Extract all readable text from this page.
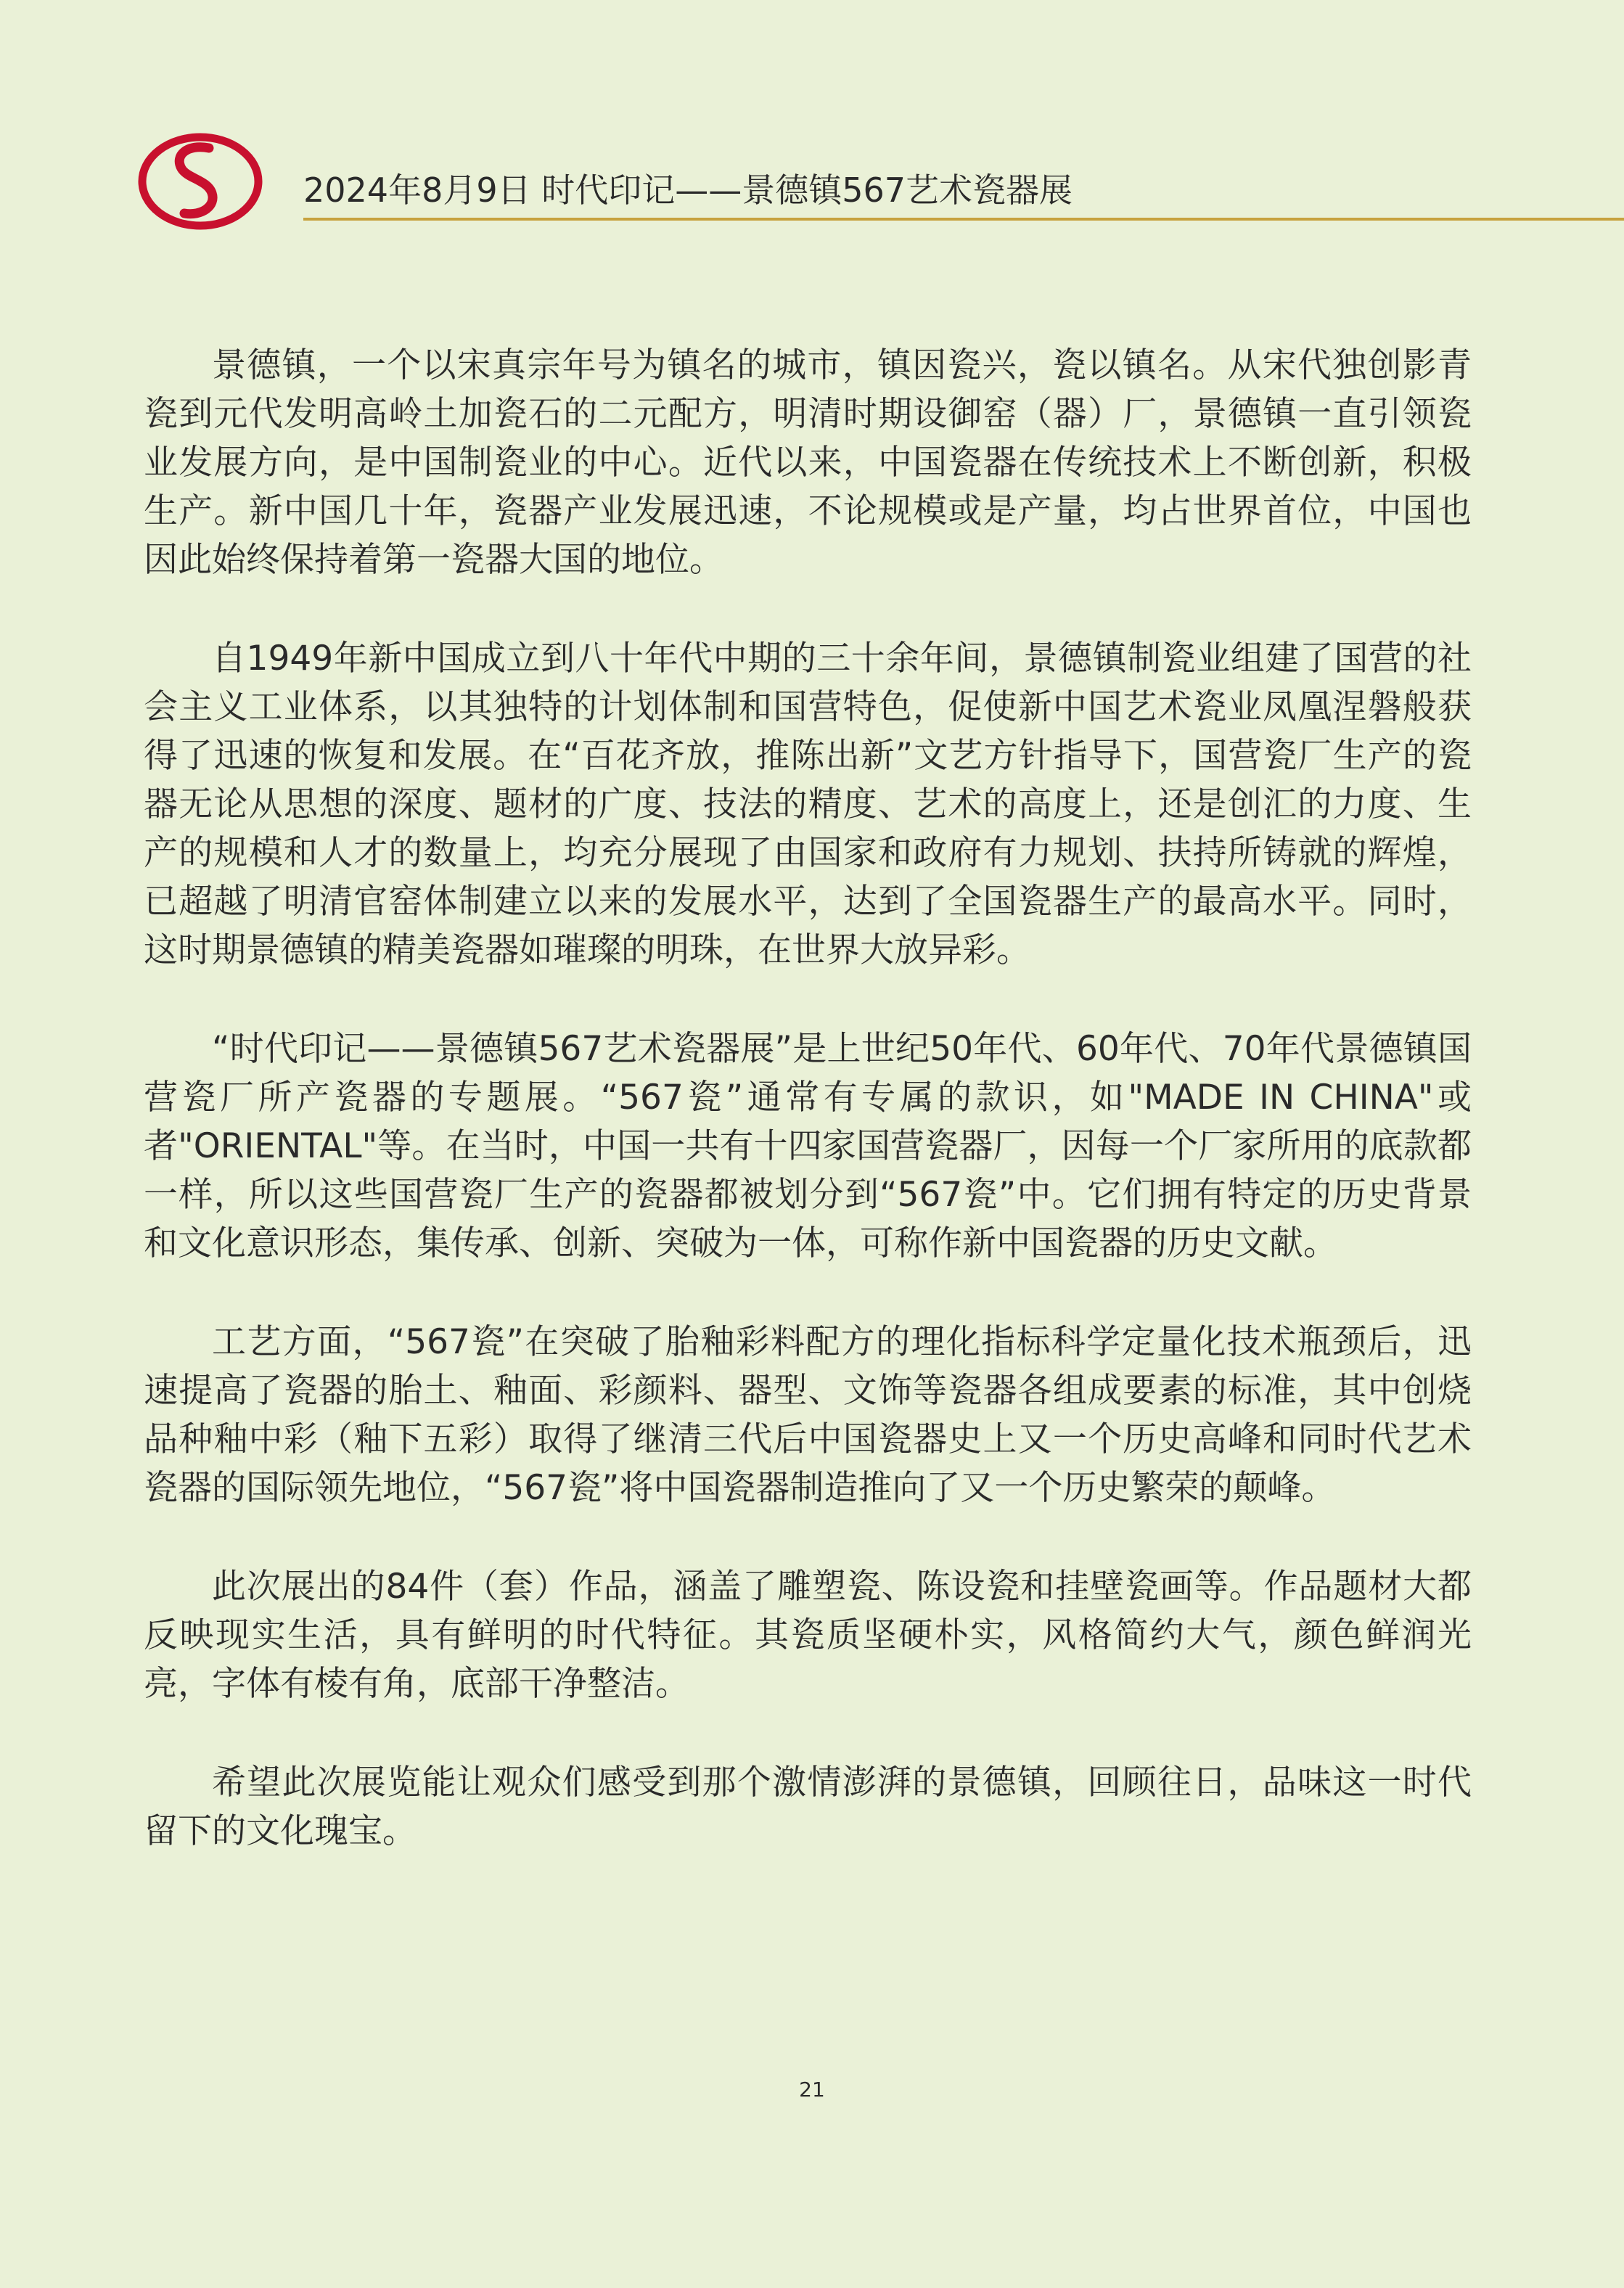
2024年8月9日 时代印记——景德镇567艺术瓷器展

景德镇，一个以宋真宗年号为镇名的城市，镇因瓷兴，瓷以镇名。从宋代独创影青瓷到元代发明高岭土加瓷石的二元配方，明清时期设御窑（器）厂，景德镇一直引领瓷业发展方向，是中国制瓷业的中心。近代以来，中国瓷器在传统技术上不断创新，积极生产。新中国几十年，瓷器产业发展迅速，不论规模或是产量，均占世界首位，中国也因此始终保持着第一瓷器大国的地位。

自1949年新中国成立到八十年代中期的三十余年间，景德镇制瓷业组建了国营的社会主义工业体系，以其独特的计划体制和国营特色，促使新中国艺术瓷业凤凰涅磐般获得了迅速的恢复和发展。在“百花齐放，推陈出新”文艺方针指导下，国营瓷厂生产的瓷器无论从思想的深度、题材的广度、技法的精度、艺术的高度上，还是创汇的力度、生产的规模和人才的数量上，均充分展现了由国家和政府有力规划、扶持所铸就的辉煌，已超越了明清官窑体制建立以来的发展水平，达到了全国瓷器生产的最高水平。同时，这时期景德镇的精美瓷器如璀璨的明珠，在世界大放异彩。

“时代印记——景德镇567艺术瓷器展”是上世纪50年代、60年代、70年代景德镇国营瓷厂所产瓷器的专题展。“567瓷”通常有专属的款识，如"MADE IN CHINA"或者"ORIENTAL"等。在当时，中国一共有十四家国营瓷器厂，因每一个厂家所用的底款都一样，所以这些国营瓷厂生产的瓷器都被划分到“567瓷”中。它们拥有特定的历史背景和文化意识形态，集传承、创新、突破为一体，可称作新中国瓷器的历史文献。

工艺方面，“567瓷”在突破了胎釉彩料配方的理化指标科学定量化技术瓶颈后，迅速提高了瓷器的胎土、釉面、彩颜料、器型、文饰等瓷器各组成要素的标准，其中创烧品种釉中彩（釉下五彩）取得了继清三代后中国瓷器史上又一个历史高峰和同时代艺术瓷器的国际领先地位，“567瓷”将中国瓷器制造推向了又一个历史繁荣的颠峰。

此次展出的84件（套）作品，涵盖了雕塑瓷、陈设瓷和挂壁瓷画等。作品题材大都反映现实生活，具有鲜明的时代特征。其瓷质坚硬朴实，风格简约大气，颜色鲜润光亮，字体有棱有角，底部干净整洁。

希望此次展览能让观众们感受到那个激情澎湃的景德镇，回顾往日，品味这一时代留下的文化瑰宝。

21
